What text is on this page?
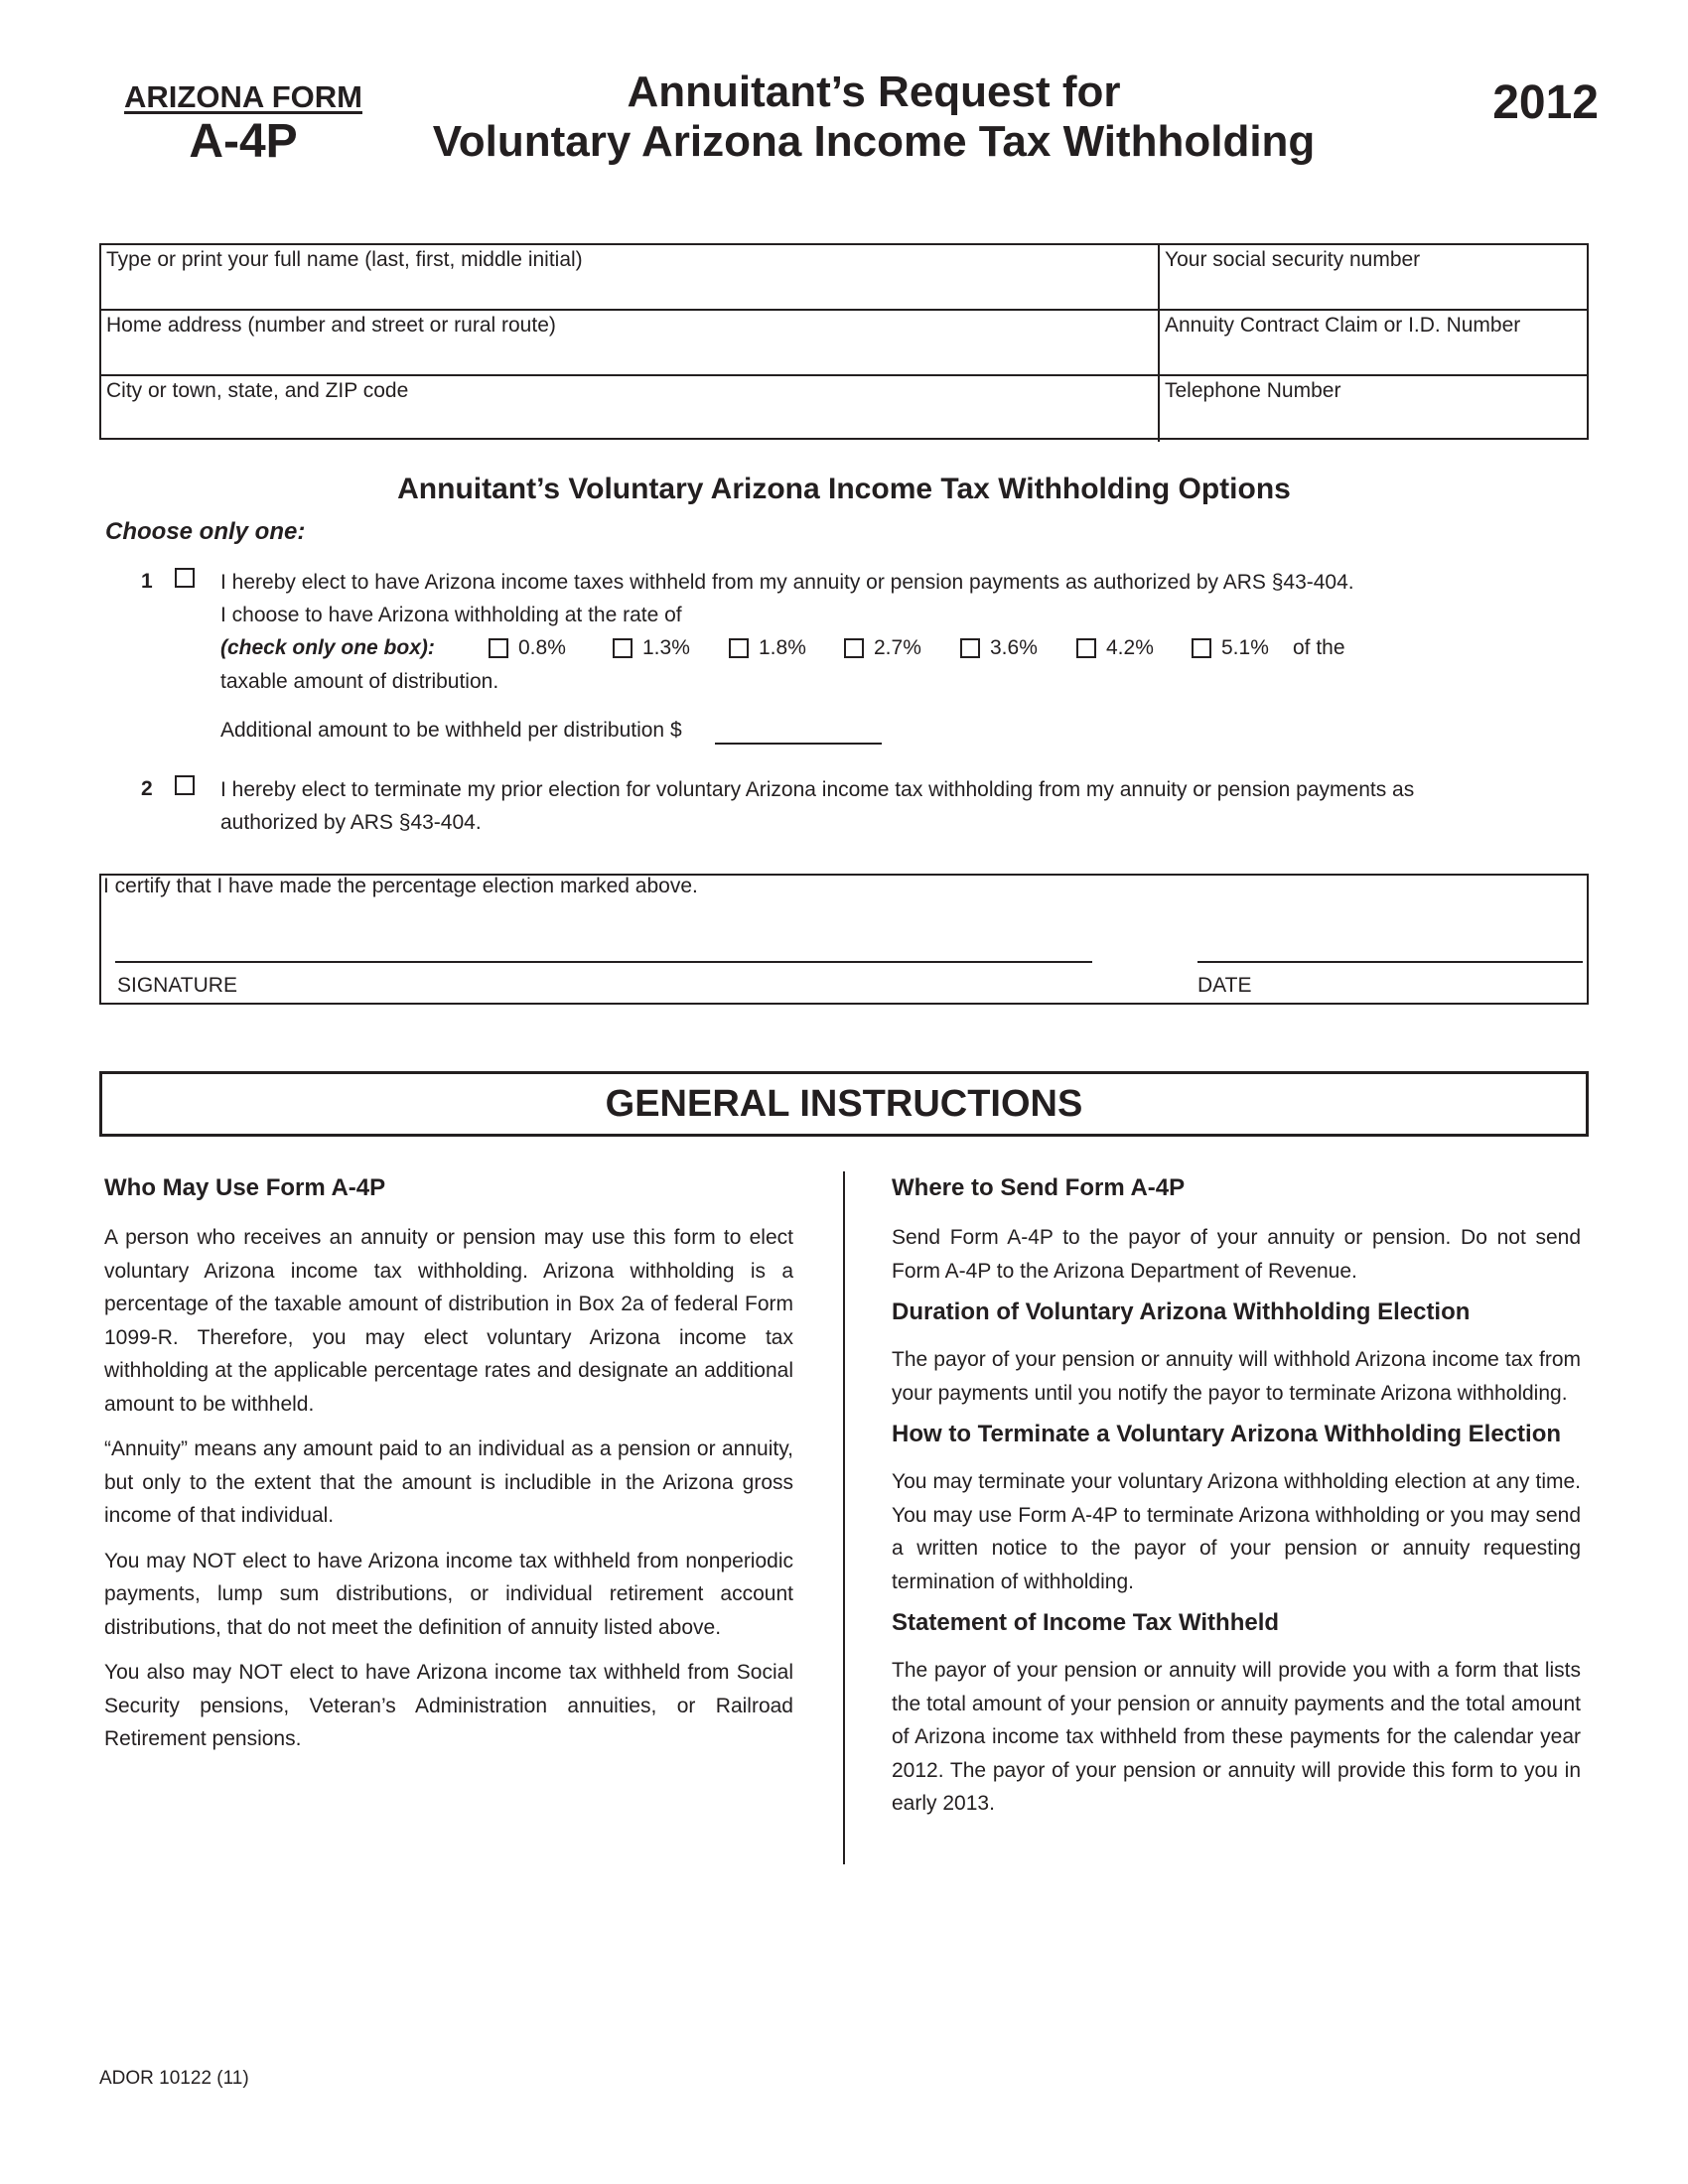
ARIZONA FORM
A-4P
Annuitant’s Request for
Voluntary Arizona Income Tax Withholding
2012
Type or print your full name (last, first, middle initial)	Your social security number
Home address (number and street or rural route)	Annuity Contract Claim or I.D. Number
City or town, state, and ZIP code	Telephone Number
Annuitant’s Voluntary Arizona Income Tax Withholding Options
Choose only one:
1	I hereby elect to have Arizona income taxes withheld from my annuity or pension payments as authorized by ARS §43-404.
I choose to have Arizona withholding at the rate of
(check only one box):	0.8%	1.3%	1.8%	2.7%	3.6%	4.2%	5.1% of the
taxable amount of distribution.
Additional amount to be withheld per distribution $
2	I hereby elect to terminate my prior election for voluntary Arizona income tax withholding from my annuity or pension payments as
authorized by ARS §43-404.
I certify that I have made the percentage election marked above.
SIGNATURE	DATE
GENERAL INSTRUCTIONS
Who May Use Form A-4P

A person who receives an annuity or pension may use this form to elect voluntary Arizona income tax withholding. Arizona withholding is a percentage of the taxable amount of distribution in Box 2a of federal Form 1099-R. Therefore, you may elect voluntary Arizona income tax withholding at the applicable percentage rates and designate an additional amount to be withheld.

“Annuity” means any amount paid to an individual as a pension or annuity, but only to the extent that the amount is includible in the Arizona gross income of that individual.

You may NOT elect to have Arizona income tax withheld from nonperiodic payments, lump sum distributions, or individual retirement account distributions, that do not meet the definition of annuity listed above.

You also may NOT elect to have Arizona income tax withheld from Social Security pensions, Veteran’s Administration annuities, or Railroad Retirement pensions.

Where to Send Form A-4P

Send Form A-4P to the payor of your annuity or pension. Do not send Form A-4P to the Arizona Department of Revenue.

Duration of Voluntary Arizona Withholding Election

The payor of your pension or annuity will withhold Arizona income tax from your payments until you notify the payor to terminate Arizona withholding.

How to Terminate a Voluntary Arizona Withholding Election

You may terminate your voluntary Arizona withholding election at any time. You may use Form A-4P to terminate Arizona withholding or you may send a written notice to the payor of your pension or annuity requesting termination of withholding.

Statement of Income Tax Withheld

The payor of your pension or annuity will provide you with a form that lists the total amount of your pension or annuity payments and the total amount of Arizona income tax withheld from these payments for the calendar year 2012. The payor of your pension or annuity will provide this form to you in early 2013.

ADOR 10122 (11)
